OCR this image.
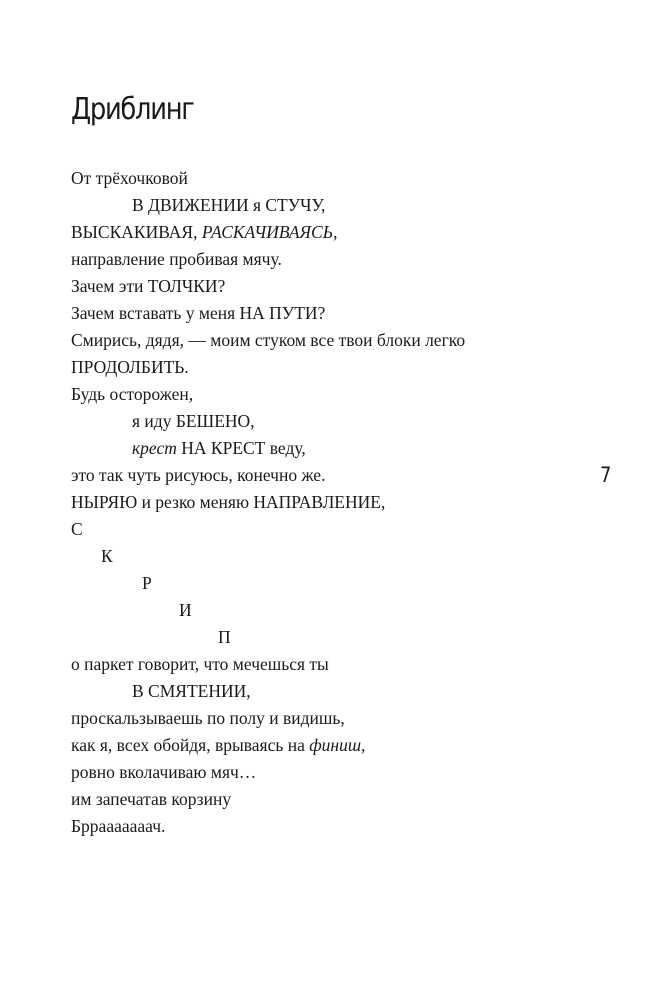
Дриблинг
От трёхочковой
В ДВИЖЕНИИ я СТУЧУ,
ВЫСКАКИВАЯ, РАСКАЧИВАЯСЬ,
направление пробивая мячу.
Зачем эти ТОЛЧКИ?
Зачем вставать у меня НА ПУТИ?
Смирись, дядя, — моим стуком все твои блоки легко
ПРОДОЛБИТЬ.
Будь осторожен,
я иду БЕШЕНО,
крест НА КРЕСТ веду,
это так чуть рисуюсь, конечно же.
НЫРЯЮ и резко меняю НАПРАВЛЕНИЕ,
С
К
Р
И
П
о паркет говорит, что мечешься ты
В СМЯТЕНИИ,
проскальзываешь по полу и видишь,
как я, всех обойдя, врываясь на финиш,
ровно вколачиваю мяч…
им запечатав корзину
Бррааааааач.
7
